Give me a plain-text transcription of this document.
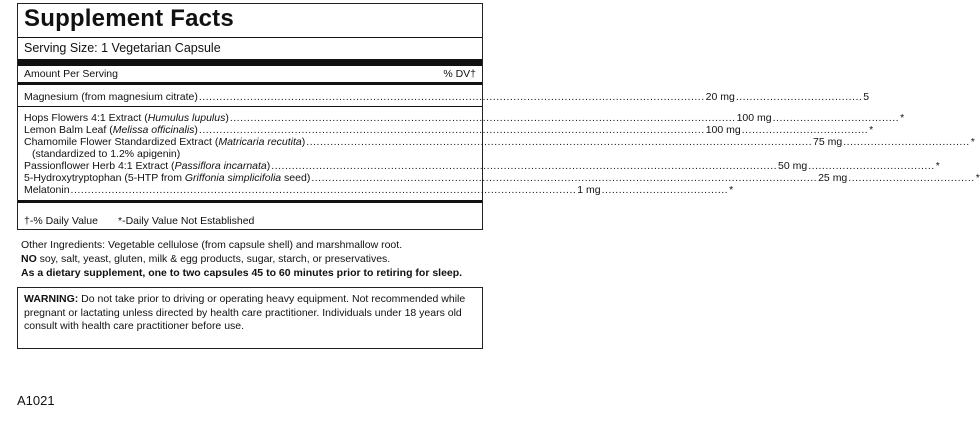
Supplement Facts
Serving Size: 1 Vegetarian Capsule
Amount Per Serving	% DV†
Magnesium (from magnesium citrate) .................................................................................................................................................... 20 mg ..................................... 5
Hops Flowers 4:1 Extract (Humulus lupulus) .................................................................................................................................................... 100 mg ..................................... *
Lemon Balm Leaf (Melissa officinalis) .................................................................................................................................................... 100 mg ..................................... *
Chamomile Flower Standardized Extract (Matricaria recutita) .................................................................................................................................................... 75 mg ..................................... *
(standardized to 1.2% apigenin)
Passionflower Herb 4:1 Extract (Passiflora incarnata) .................................................................................................................................................... 50 mg ..................................... *
5-Hydroxytryptophan (5-HTP from Griffonia simplicifolia seed) .................................................................................................................................................... 25 mg ..................................... *
Melatonin .................................................................................................................................................... 1 mg ..................................... *
†-% Daily Value *-Daily Value Not Established
Other Ingredients: Vegetable cellulose (from capsule shell) and marshmallow root.
NO soy, salt, yeast, gluten, milk & egg products, sugar, starch, or preservatives.
As a dietary supplement, one to two capsules 45 to 60 minutes prior to retiring for sleep.
WARNING: Do not take prior to driving or operating heavy equipment. Not recommended while pregnant or lactating unless directed by health care practitioner. Individuals under 18 years old consult with health care practitioner before use.
A1021
